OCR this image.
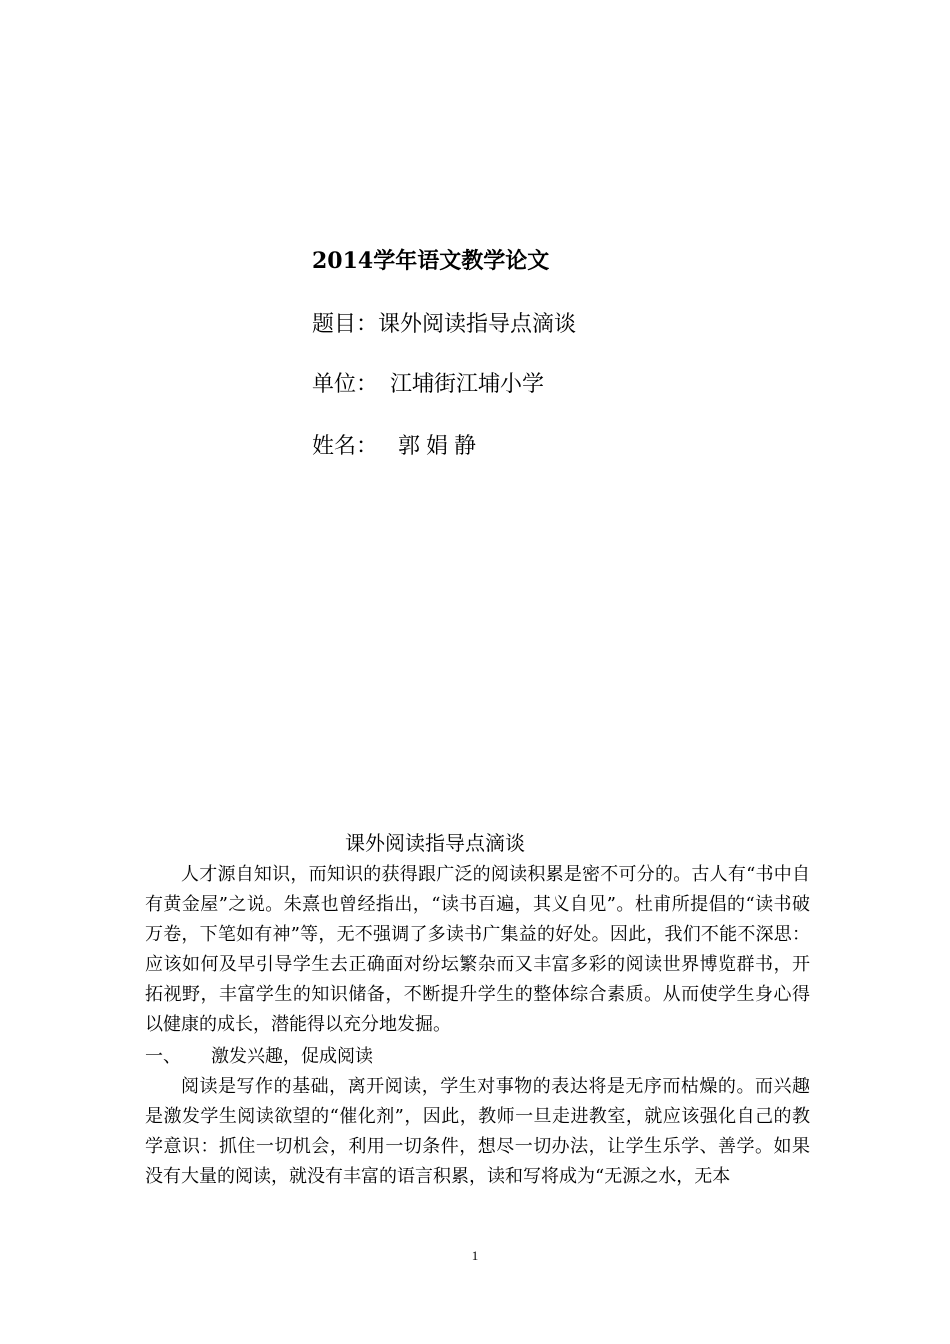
2014学年语文教学论文
题目：课外阅读指导点滴谈
单位： 江埔街江埔小学
姓名： 郭娟静
课外阅读指导点滴谈

人才源自知识，而知识的获得跟广泛的阅读积累是密不可分的。古人有“书中自有黄金屋”之说。朱熹也曾经指出，“读书百遍，其义自见”。杜甫所提倡的“读书破万卷，下笔如有神”等，无不强调了多读书广集益的好处。因此，我们不能不深思：应该如何及早引导学生去正确面对纷坛繁杂而又丰富多彩的阅读世界博览群书，开拓视野，丰富学生的知识储备，不断提升学生的整体综合素质。从而使学生身心得以健康的成长，潜能得以充分地发掘。

一、 激发兴趣，促成阅读

阅读是写作的基础，离开阅读，学生对事物的表达将是无序而枯燥的。而兴趣是激发学生阅读欲望的“催化剂”，因此，教师一旦走进教室，就应该强化自己的教学意识：抓住一切机会，利用一切条件，想尽一切办法，让学生乐学、善学。如果没有大量的阅读，就没有丰富的语言积累，读和写将成为“无源之水，无本

1
